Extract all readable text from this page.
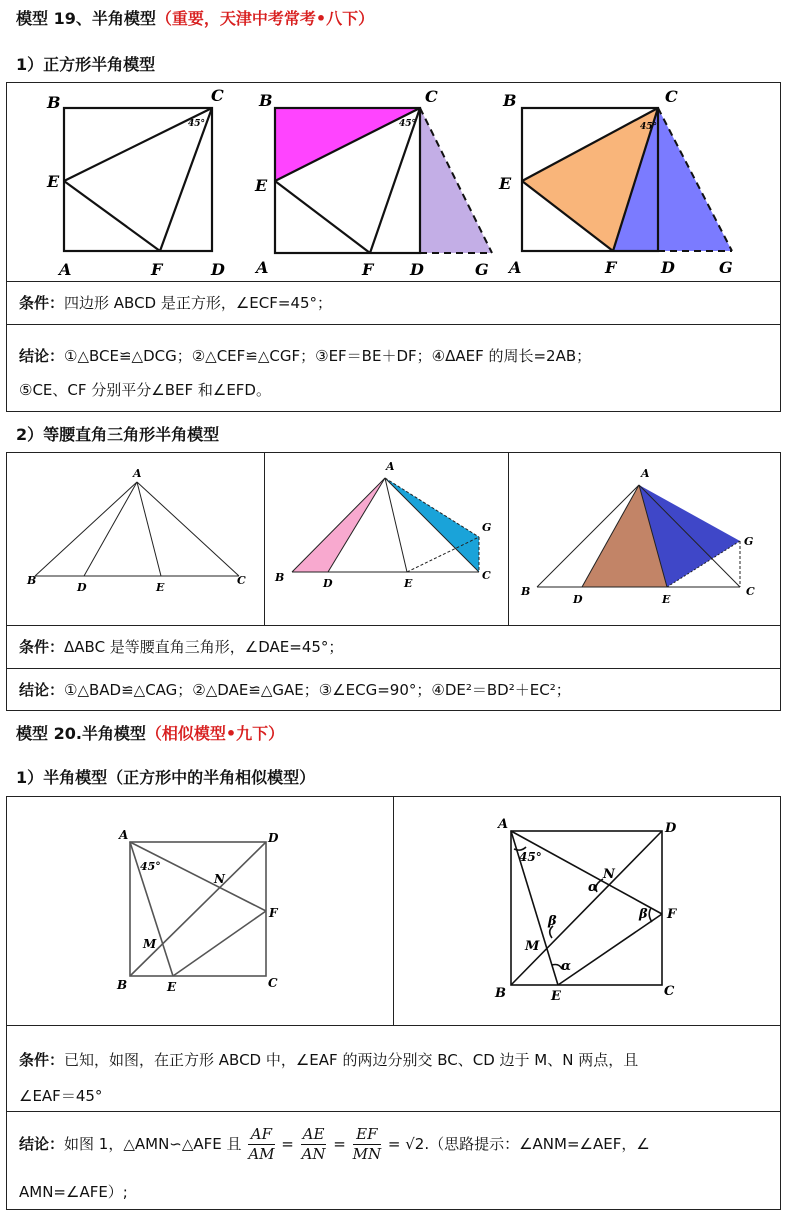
模型 19、半角模型（重要，天津中考常考•八下）
1）正方形半角模型
B	C
E
A	F	D
45°
B	C
E
A	F D	G
45°
B	C
E
A	F	D	G
45°
条件：四边形 ABCD 是正方形，∠ECF=45°；
结论：①△BCE≌△DCG；②△CEF≌△CGF；③EF＝BE＋DF；④ΔAEF 的周长=2AB；
⑤CE、CF 分别平分∠BEF 和∠EFD。
2）等腰直角三角形半角模型
A
B
D	E
C
A
B	D	E
G
C
A
B
D	E
G
C
条件：ΔABC 是等腰直角三角形，∠DAE=45°；
结论：①△BAD≌△CAG；②△DAE≌△GAE；③∠ECG=90°；④DE²＝BD²＋EC²；
模型 20.半角模型（相似模型•九下）
1）半角模型（正方形中的半角相似模型）
A	D
45°
N
F
M
B	E	C
A	D
45°
N
α
F
β
β
M
α
B	E	C
条件：已知，如图，在正方形 ABCD 中，∠EAF 的两边分别交 BC、CD 边于 M、N 两点，且
∠EAF＝45°
结论：如图 1，△AMN∽△AFE 且 $\frac{AF}{AM} = \frac{AE}{AN} = \frac{EF}{MN} = √2$.（思路提示：∠ANM=∠AEF，∠
AMN=∠AFE）;
